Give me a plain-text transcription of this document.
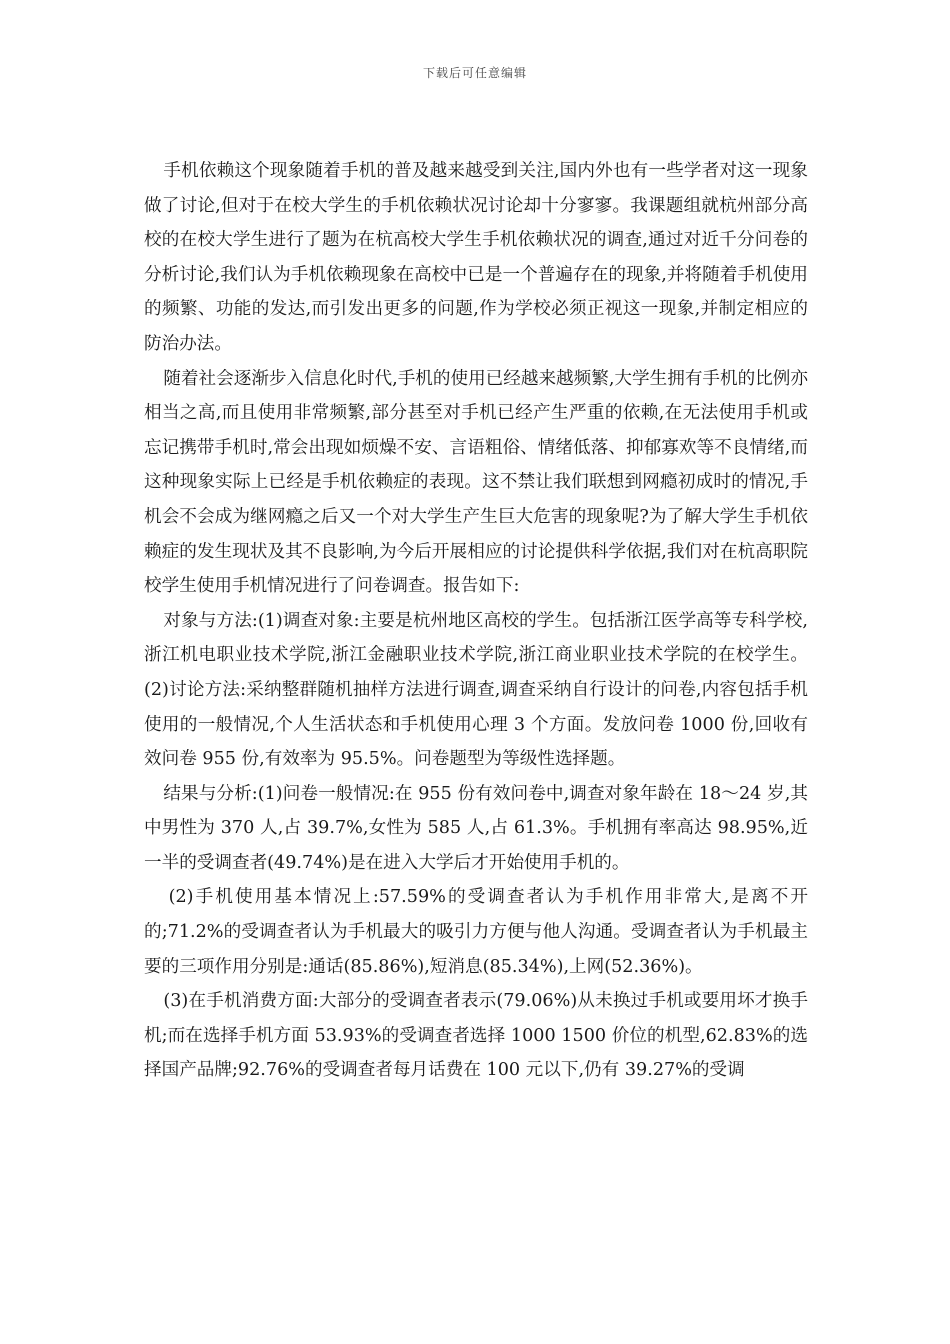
下载后可任意编辑

手机依赖这个现象随着手机的普及越来越受到关注,国内外也有一些学者对这一现象做了讨论,但对于在校大学生的手机依赖状况讨论却十分寥寥。我课题组就杭州部分高校的在校大学生进行了题为在杭高校大学生手机依赖状况的调查,通过对近千分问卷的分析讨论,我们认为手机依赖现象在高校中已是一个普遍存在的现象,并将随着手机使用的频繁、功能的发达,而引发出更多的问题,作为学校必须正视这一现象,并制定相应的防治办法。

随着社会逐渐步入信息化时代,手机的使用已经越来越频繁,大学生拥有手机的比例亦相当之高,而且使用非常频繁,部分甚至对手机已经产生严重的依赖,在无法使用手机或忘记携带手机时,常会出现如烦燥不安、言语粗俗、情绪低落、抑郁寡欢等不良情绪,而这种现象实际上已经是手机依赖症的表现。这不禁让我们联想到网瘾初成时的情况,手机会不会成为继网瘾之后又一个对大学生产生巨大危害的现象呢?为了解大学生手机依赖症的发生现状及其不良影响,为今后开展相应的讨论提供科学依据,我们对在杭高职院校学生使用手机情况进行了问卷调查。报告如下:

对象与方法:(1)调查对象:主要是杭州地区高校的学生。包括浙江医学高等专科学校,浙江机电职业技术学院,浙江金融职业技术学院,浙江商业职业技术学院的在校学生。(2)讨论方法:采纳整群随机抽样方法进行调查,调查采纳自行设计的问卷,内容包括手机使用的一般情况,个人生活状态和手机使用心理 3 个方面。发放问卷 1000 份,回收有效问卷 955 份,有效率为 95.5%。问卷题型为等级性选择题。

结果与分析:(1)问卷一般情况:在 955 份有效问卷中,调查对象年龄在 18～24 岁,其中男性为 370 人,占 39.7%,女性为 585 人,占 61.3%。手机拥有率高达 98.95%,近一半的受调查者(49.74%)是在进入大学后才开始使用手机的。

(2)手机使用基本情况上:57.59%的受调查者认为手机作用非常大,是离不开的;71.2%的受调查者认为手机最大的吸引力方便与他人沟通。受调查者认为手机最主要的三项作用分别是:通话(85.86%),短消息(85.34%),上网(52.36%)。

(3)在手机消费方面:大部分的受调查者表示(79.06%)从未换过手机或要用坏才换手机;而在选择手机方面 53.93%的受调查者选择 1000 1500 价位的机型,62.83%的选择国产品牌;92.76%的受调查者每月话费在 100 元以下,仍有 39.27%的受调
